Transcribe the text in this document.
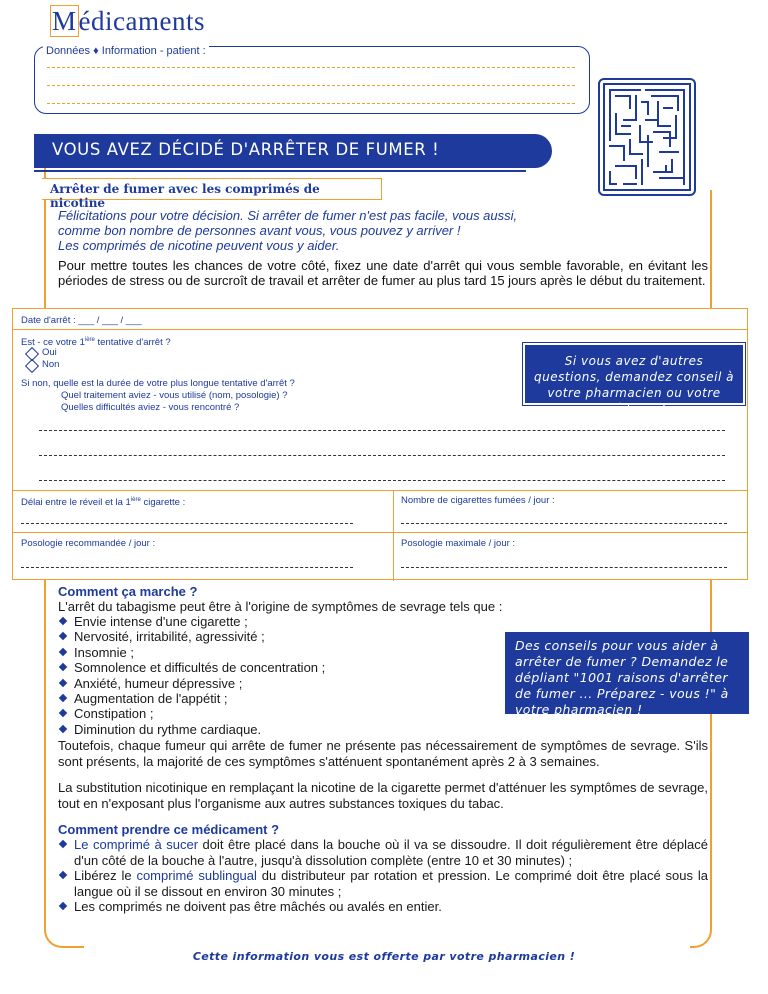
Médicaments
Données ♦ Information - patient :
VOUS AVEZ DÉCIDÉ D'ARRÊTER DE FUMER !
Arrêter de fumer avec les comprimés de nicotine
Félicitations pour votre décision. Si arrêter de fumer n'est pas facile, vous aussi,
comme bon nombre de personnes avant vous, vous pouvez y arriver !
Les comprimés de nicotine peuvent vous y aider.
Pour mettre toutes les chances de votre côté, fixez une date d'arrêt qui vous semble favorable, en évitant les périodes de stress ou de surcroît de travail et arrêter de fumer au plus tard 15 jours après le début du traitement.
Date d'arrêt : ___ / ___ / ___
Est - ce votre $1^{ière}$ tentative d'arrêt ?
Oui
Non
Si non, quelle est la durée de votre plus longue tentative d'arrêt ?
Quel traitement aviez - vous utilisé (nom, posologie) ?
Quelles difficultés aviez - vous rencontré ?
Délai entre le réveil et la $1^{ière}$ cigarette :	Nombre de cigarettes fumées / jour :
Posologie recommandée / jour :	Posologie maximale / jour :
Si vous avez d'autres questions, demandez conseil à votre pharmacien ou votre médecin !
Comment ça marche ?
L'arrêt du tabagisme peut être à l'origine de symptômes de sevrage tels que :
Envie intense d'une cigarette ;
Nervosité, irritabilité, agressivité ;
Insomnie ;
Somnolence et difficultés de concentration ;
Anxiété, humeur dépressive ;
Augmentation de l'appétit ;
Constipation ;
Diminution du rythme cardiaque.
Des conseils pour vous aider à arrêter de fumer ? Demandez le dépliant "1001 raisons d'arrêter de fumer ... Préparez - vous !" à votre pharmacien !
Toutefois, chaque fumeur qui arrête de fumer ne présente pas nécessairement de symptômes de sevrage. S'ils sont présents, la majorité de ces symptômes s'atténuent spontanément après 2 à 3 semaines.
La substitution nicotinique en remplaçant la nicotine de la cigarette permet d'atténuer les symptômes de sevrage, tout en n'exposant plus l'organisme aux autres substances toxiques du tabac.
Comment prendre ce médicament ?
Le comprimé à sucer doit être placé dans la bouche où il va se dissoudre. Il doit régulièrement être déplacé d'un côté de la bouche à l'autre, jusqu'à dissolution complète (entre 10 et 30 minutes) ;
Libérez le comprimé sublingual du distributeur par rotation et pression. Le comprimé doit être placé sous la langue où il se dissout en environ 30 minutes ;
Les comprimés ne doivent pas être mâchés ou avalés en entier.
Cette information vous est offerte par votre pharmacien !
